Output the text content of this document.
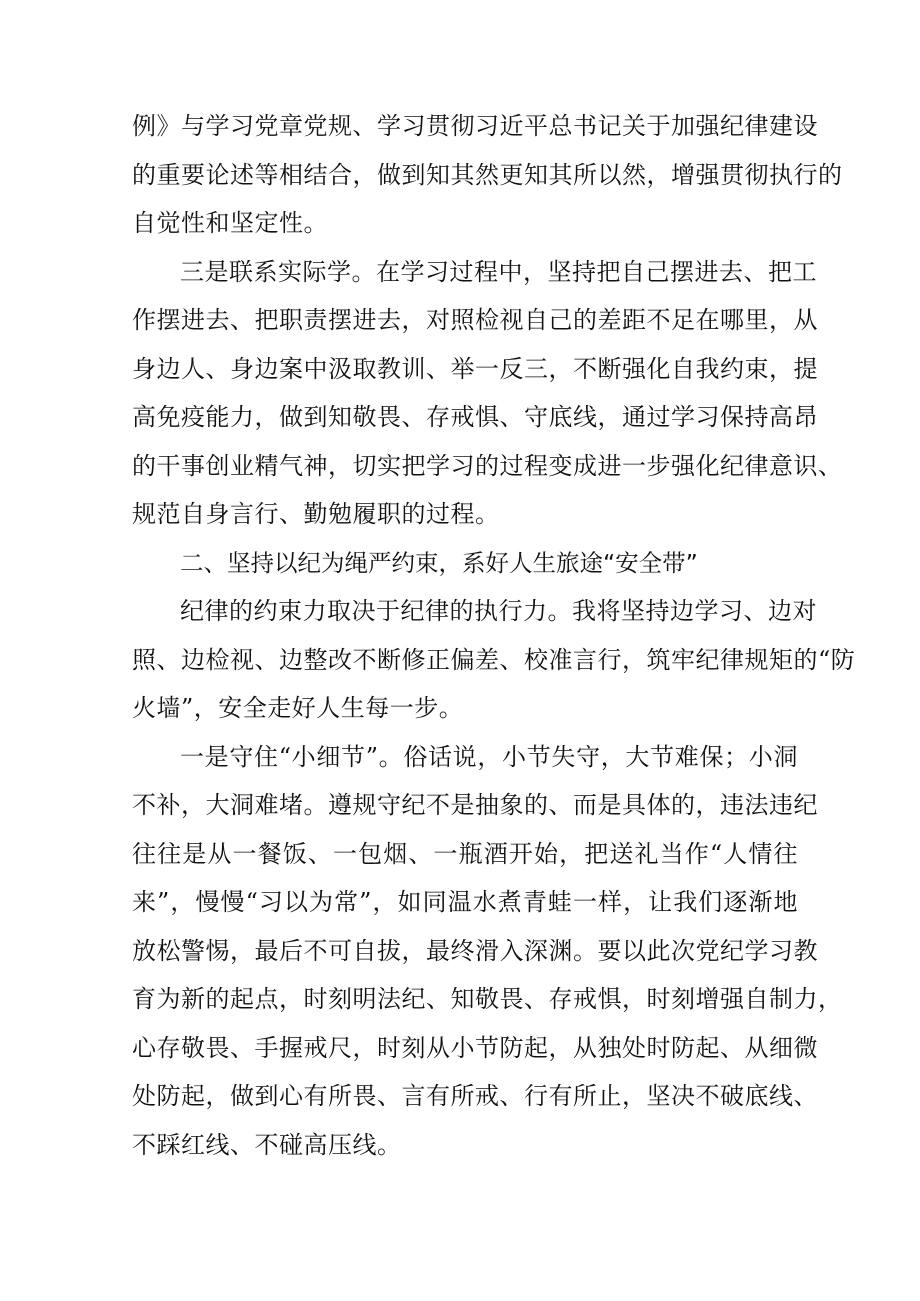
例》与学习党章党规、学习贯彻习近平总书记关于加强纪律建设
的重要论述等相结合，做到知其然更知其所以然，增强贯彻执行的
自觉性和坚定性。
三是联系实际学。在学习过程中，坚持把自己摆进去、把工
作摆进去、把职责摆进去，对照检视自己的差距不足在哪里，从
身边人、身边案中汲取教训、举一反三，不断强化自我约束，提
高免疫能力，做到知敬畏、存戒惧、守底线，通过学习保持高昂
的干事创业精气神，切实把学习的过程变成进一步强化纪律意识、
规范自身言行、勤勉履职的过程。
二、坚持以纪为绳严约束，系好人生旅途“安全带”
纪律的约束力取决于纪律的执行力。我将坚持边学习、边对
照、边检视、边整改不断修正偏差、校准言行，筑牢纪律规矩的“防
火墙”，安全走好人生每一步。
一是守住“小细节”。俗话说，小节失守，大节难保；小洞
不补，大洞难堵。遵规守纪不是抽象的、而是具体的，违法违纪
往往是从一餐饭、一包烟、一瓶酒开始，把送礼当作“人情往
来”，慢慢“习以为常”，如同温水煮青蛙一样，让我们逐渐地
放松警惕，最后不可自拔，最终滑入深渊。要以此次党纪学习教
育为新的起点，时刻明法纪、知敬畏、存戒惧，时刻增强自制力，
心存敬畏、手握戒尺，时刻从小节防起，从独处时防起、从细微
处防起，做到心有所畏、言有所戒、行有所止，坚决不破底线、
不踩红线、不碰高压线。
